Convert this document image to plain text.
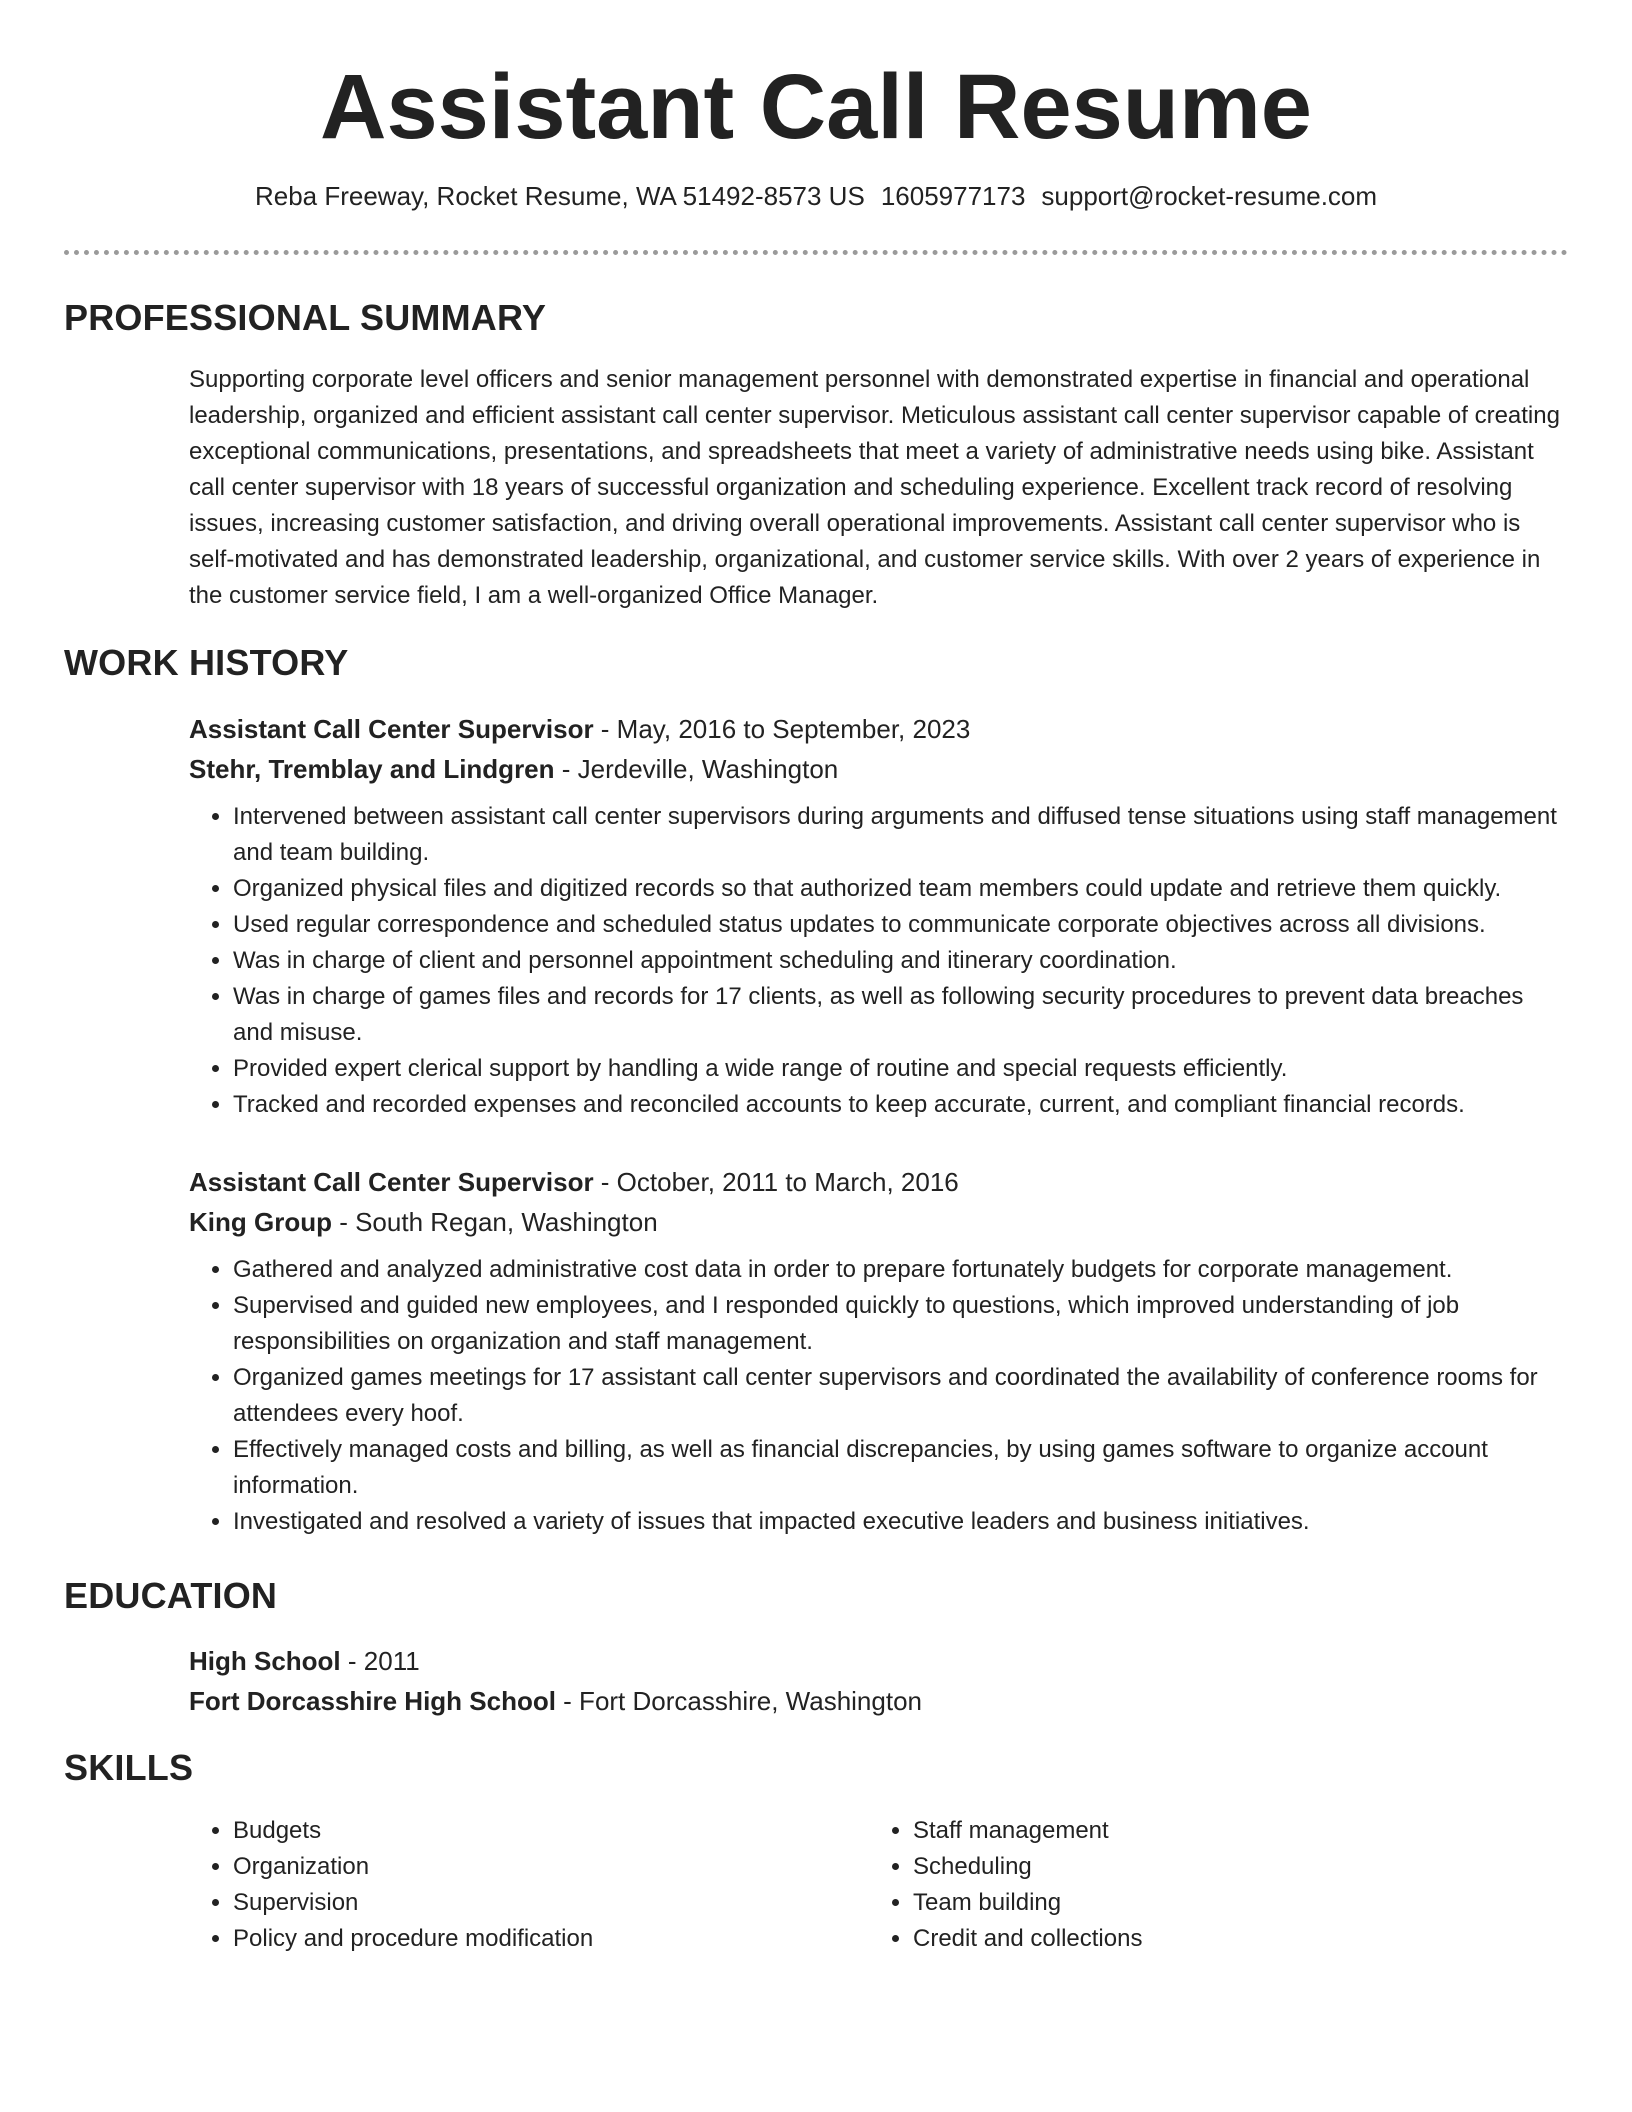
Assistant Call Resume
Reba Freeway, Rocket Resume, WA 51492-8573 US 1605977173 support@rocket-resume.com
PROFESSIONAL SUMMARY

Supporting corporate level officers and senior management personnel with demonstrated expertise in financial and operational leadership, organized and efficient assistant call center supervisor. Meticulous assistant call center supervisor capable of creating exceptional communications, presentations, and spreadsheets that meet a variety of administrative needs using bike. Assistant call center supervisor with 18 years of successful organization and scheduling experience. Excellent track record of resolving issues, increasing customer satisfaction, and driving overall operational improvements. Assistant call center supervisor who is self-motivated and has demonstrated leadership, organizational, and customer service skills. With over 2 years of experience in the customer service field, I am a well-organized Office Manager.

WORK HISTORY

Assistant Call Center Supervisor - May, 2016 to September, 2023

Stehr, Tremblay and Lindgren - Jerdeville, Washington

• Intervened between assistant call center supervisors during arguments and diffused tense situations using staff management and team building.
• Organized physical files and digitized records so that authorized team members could update and retrieve them quickly.
• Used regular correspondence and scheduled status updates to communicate corporate objectives across all divisions.
• Was in charge of client and personnel appointment scheduling and itinerary coordination.
• Was in charge of games files and records for 17 clients, as well as following security procedures to prevent data breaches and misuse.
• Provided expert clerical support by handling a wide range of routine and special requests efficiently.
• Tracked and recorded expenses and reconciled accounts to keep accurate, current, and compliant financial records.

Assistant Call Center Supervisor - October, 2011 to March, 2016

King Group - South Regan, Washington

• Gathered and analyzed administrative cost data in order to prepare fortunately budgets for corporate management.
• Supervised and guided new employees, and I responded quickly to questions, which improved understanding of job responsibilities on organization and staff management.
• Organized games meetings for 17 assistant call center supervisors and coordinated the availability of conference rooms for attendees every hoof.
• Effectively managed costs and billing, as well as financial discrepancies, by using games software to organize account information.
• Investigated and resolved a variety of issues that impacted executive leaders and business initiatives.
EDUCATION

High School - 2011

Fort Dorcasshire High School - Fort Dorcasshire, Washington

SKILLS
• Budgets
• Organization
• Supervision
• Policy and procedure modification
• Staff management
• Scheduling
• Team building
• Credit and collections
